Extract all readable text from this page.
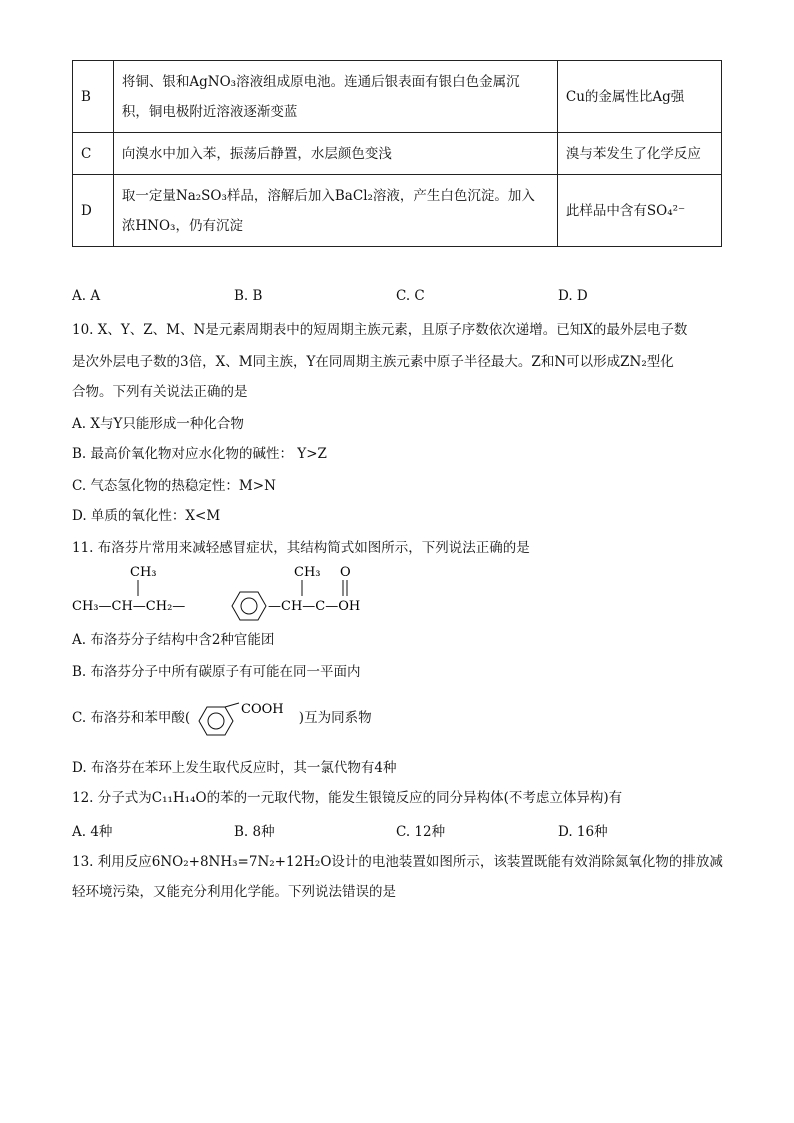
B	将铜、银和AgNO₃溶液组成原电池。连通后银表面有银白色金属沉
积，铜电极附近溶液逐渐变蓝	Cu的金属性比Ag强
C	向溴水中加入苯，振荡后静置，水层颜色变浅	溴与苯发生了化学反应
D	取一定量Na₂SO₃样品，溶解后加入BaCl₂溶液，产生白色沉淀。加入
浓HNO₃，仍有沉淀	此样品中含有SO₄²⁻
A. A	B. B	C. C	D. D
10. X、Y、Z、M、N是元素周期表中的短周期主族元素，且原子序数依次递增。已知X的最外层电子数
是次外层电子数的3倍，X、M同主族，Y在同周期主族元素中原子半径最大。Z和N可以形成ZN₂型化
合物。下列有关说法正确的是
A. X与Y只能形成一种化合物
B. 最高价氧化物对应水化物的碱性： Y>Z
C. 气态氢化物的热稳定性：M>N
D. 单质的氧化性：X<M
11. 布洛芬片常用来减轻感冒症状，其结构简式如图所示，下列说法正确的是
CH₃
CH₃—CH—CH₂—
CH₃
—CH—C—OH
O
A. 布洛芬分子结构中含2种官能团
B. 布洛芬分子中所有碳原子有可能在同一平面内
C. 布洛芬和苯甲酸(
COOH
)互为同系物
D. 布洛芬在苯环上发生取代反应时，其一氯代物有4种
12. 分子式为C₁₁H₁₄O的苯的一元取代物，能发生银镜反应的同分异构体(不考虑立体异构)有
A. 4种	B. 8种	C. 12种	D. 16种
13. 利用反应6NO₂+8NH₃=7N₂+12H₂O设计的电池装置如图所示，该装置既能有效消除氮氧化物的排放减
轻环境污染，又能充分利用化学能。下列说法错误的是
